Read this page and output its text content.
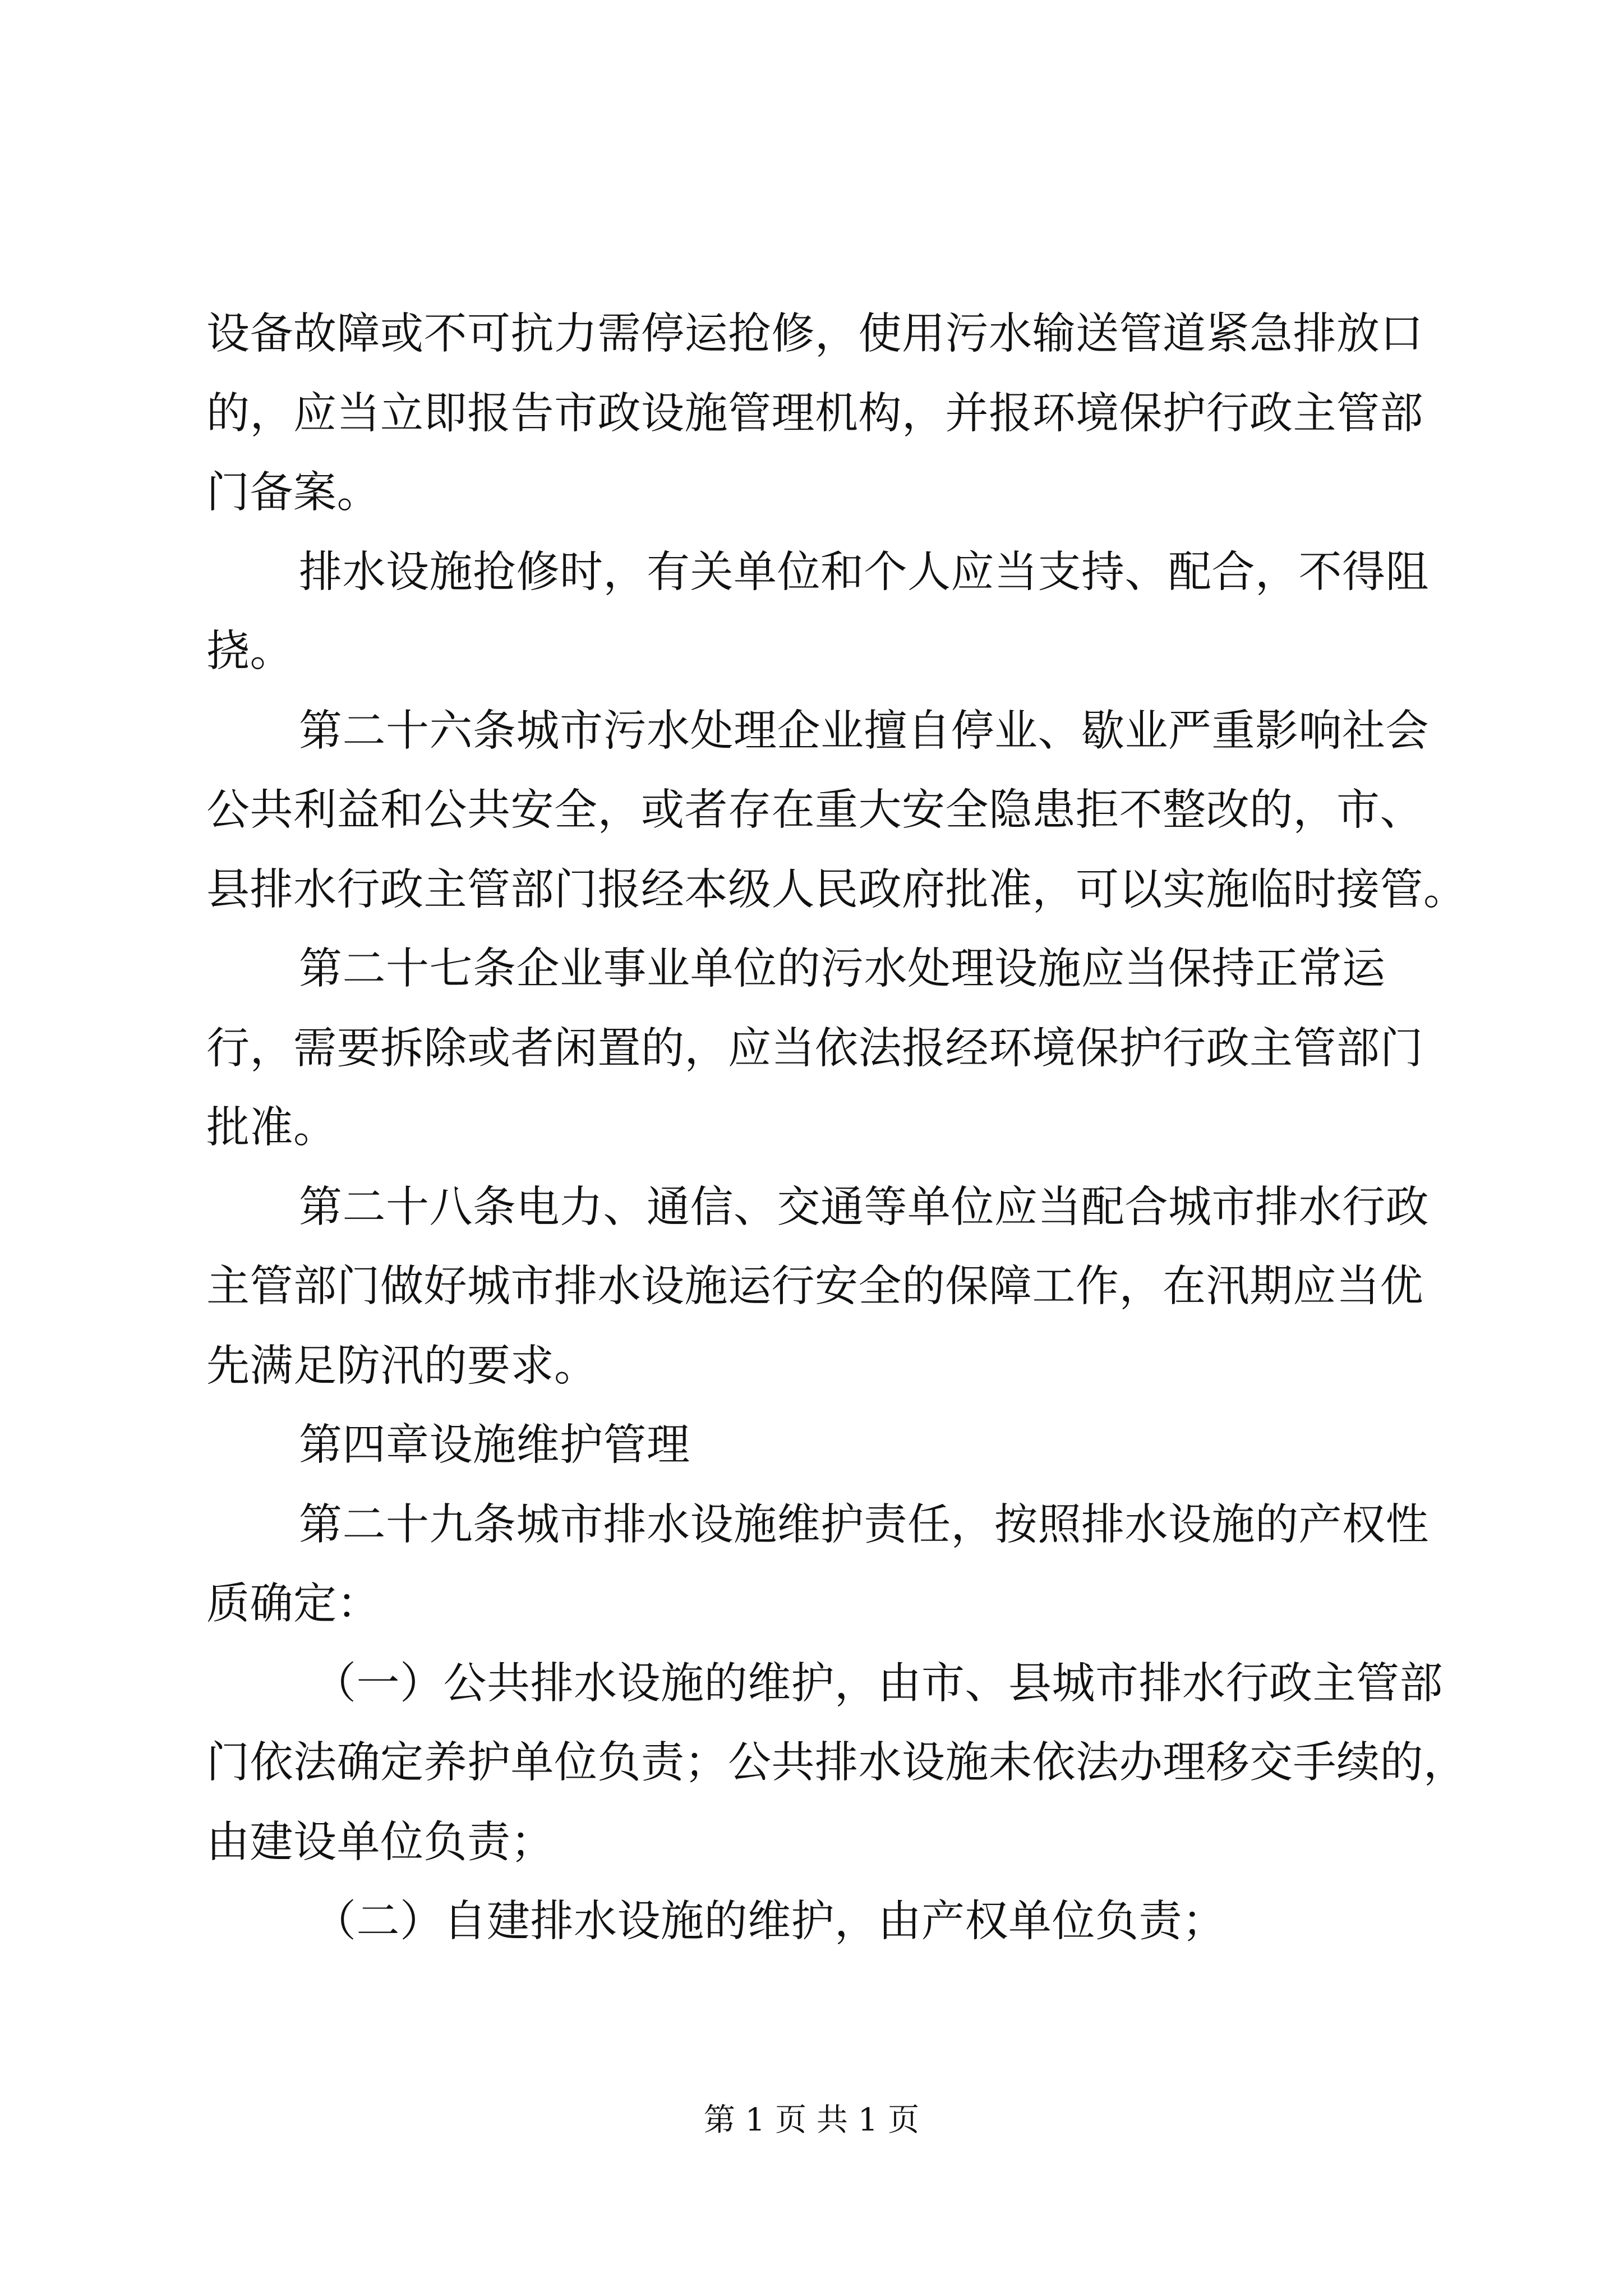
设备故障或不可抗力需停运抢修，使用污水输送管道紧急排放口
的，应当立即报告市政设施管理机构，并报环境保护行政主管部
门备案。
排水设施抢修时，有关单位和个人应当支持、配合，不得阻
挠。
第二十六条城市污水处理企业擅自停业、歇业严重影响社会
公共利益和公共安全，或者存在重大安全隐患拒不整改的，市、
县排水行政主管部门报经本级人民政府批准，可以实施临时接管。
第二十七条企业事业单位的污水处理设施应当保持正常运
行，需要拆除或者闲置的，应当依法报经环境保护行政主管部门
批准。
第二十八条电力、通信、交通等单位应当配合城市排水行政
主管部门做好城市排水设施运行安全的保障工作，在汛期应当优
先满足防汛的要求。
第四章设施维护管理
第二十九条城市排水设施维护责任，按照排水设施的产权性
质确定：
（一）公共排水设施的维护，由市、县城市排水行政主管部
门依法确定养护单位负责；公共排水设施未依法办理移交手续的，
由建设单位负责；
（二）自建排水设施的维护，由产权单位负责；
第 1 页 共 1 页
